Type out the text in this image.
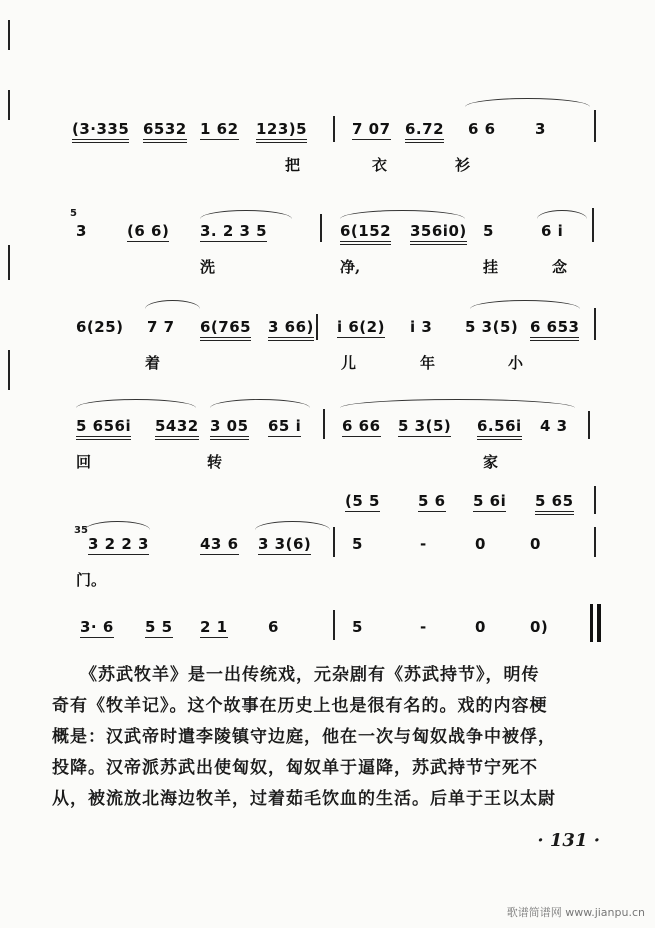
(3·335 6532 1 62 123)5	7 07 6.72 6 6	3
把	衣	衫
5
3	(6 6) 3. 2 3 5	6(152 356i0) 5	6 i
洗	净,	挂	念
6(25) 7 7 6(765 3 66) i 6(2) i 3 5 3(5) 6 653
着	儿	年	小
5 656i 5432 3 05 65 i	6 66 5 3(5) 6.56i 4 3
回	转	家
(5 5	5 6 5 6i 5 65
35
3 2 2 3	43 6 3 3(6)	5	-	0	0
门。
3· 6 5 5 2 1	6	5	-	0	0)

《苏武牧羊》是一出传统戏，元杂剧有《苏武持节》，明传

奇有《牧羊记》。这个故事在历史上也是很有名的。戏的内容梗

概是：汉武帝时遣李陵镇守边庭，他在一次与匈奴战争中被俘，

投降。汉帝派苏武出使匈奴，匈奴单于逼降，苏武持节宁死不

从，被流放北海边牧羊，过着茹毛饮血的生活。后单于王以太尉

· 131 ·
歌谱简谱网 www.jianpu.cn
